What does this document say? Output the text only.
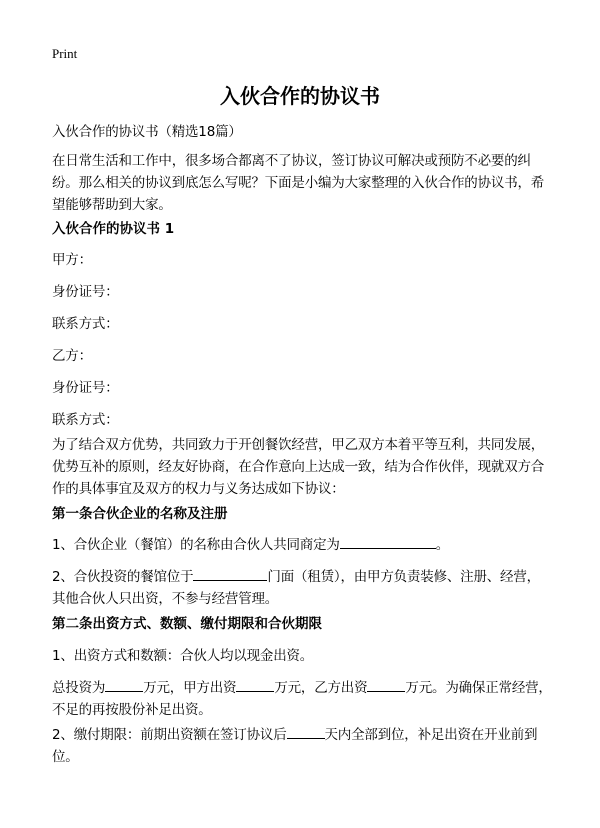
Print
入伙合作的协议书

入伙合作的协议书（精选18篇）

在日常生活和工作中，很多场合都离不了协议，签订协议可解决或预防不必要的纠纷。那么相关的协议到底怎么写呢？下面是小编为大家整理的入伙合作的协议书，希望能够帮助到大家。

入伙合作的协议书 1

甲方：

身份证号：

联系方式：

乙方：

身份证号：

联系方式：

为了结合双方优势，共同致力于开创餐饮经营，甲乙双方本着平等互利，共同发展，优势互补的原则，经友好协商，在合作意向上达成一致，结为合作伙伴，现就双方合作的具体事宜及双方的权力与义务达成如下协议：

第一条合伙企业的名称及注册

1、合伙企业（餐馆）的名称由合伙人共同商定为	。

2、合伙投资的餐馆位于	门面（租赁），由甲方负责装修、注册、经营，其他合伙人只出资，不参与经营管理。

第二条出资方式、数额、缴付期限和合伙期限

1、出资方式和数额：合伙人均以现金出资。

总投资为	万元，甲方出资	万元，乙方出资	万元。为确保正常经营，不足的再按股份补足出资。

2、缴付期限：前期出资额在签订协议后	天内全部到位，补足出资在开业前到位。
